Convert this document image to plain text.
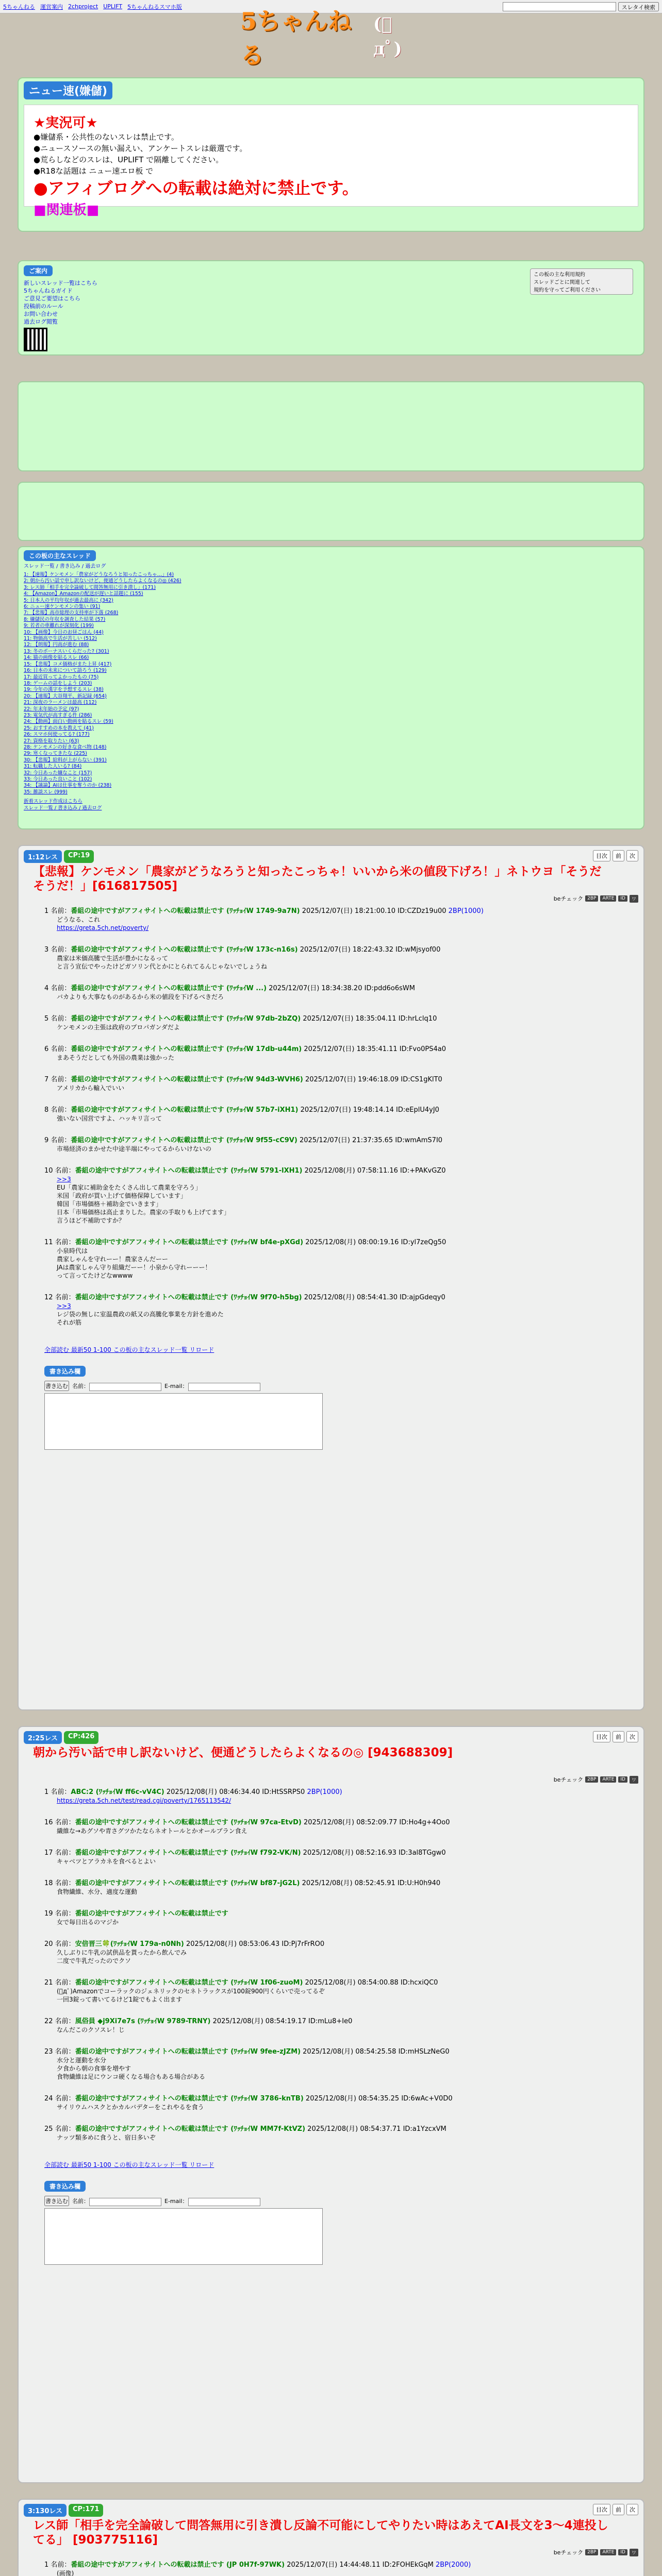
5ちゃんねる 運営案内 2chproject UPLIFT 5ちゃんねるスマホ版	スレタイ検索
5ちゃんねる
(ﾟдﾟ)
ニュー速(嫌儲)
★実況可★
●嫌儲系・公共性のないスレは禁止です。
●ニュースソースの無い漏えい、アンケートスレは厳選です。
●荒らしなどのスレは、UPLIFT で隔離してください。
●R18な話題は ニュー速エロ板 で
●アフィブログへの転載は絶対に禁止です。
■関連板■
ご案内
新しいスレッド一覧はこちら
5ちゃんねるガイド
ご意見ご要望はこちら
投稿前のルール
お問い合わせ
過去ログ閲覧
この板の主な利用規約
スレッドごとに関連して
規約を守ってご利用ください
この板の主なスレッド
スレッド一覧 / 書き込み / 過去ログ
1: 【速報】ケンモメン「農家がどうなろうと知ったこっちゃ…」(4)
2: 朝から汚い話で申し訳ないけど、便通どうしたらよくなるの◎ (426)
3: レス師「相手を完全論破して間答無用に引き潰し」(171)
4: 【Amazon】Amazonの配送が遅いと話題に (155)
5: 日本人の平均年収が過去最高に (342)
6: ニュー速ケンモメンの集い (91)
7: 【悲報】高市総理の支持率が下落 (268)
8: 嫌儲民の年収を調査した結果 (57)
9: 若者の車離れが深刻化 (199)
10: 【画像】今日のお昼ごはん (44)
11: 物価高で生活が苦しい (512)
12: 【朗報】円高が進む (88)
13: 冬のボーナスいくらだった? (301)
14: 猫の画像を貼るスレ (66)
15: 【悲報】コメ価格がまた上昇 (417)
16: 日本の未来について語ろう (129)
17: 最近買ってよかったもの (75)
18: ゲームの話をしよう (203)
19: 今年の漢字を予想するスレ (38)
20: 【速報】大谷翔平、新記録 (654)
21: 深夜のラーメンは最高 (112)
22: 年末年始の予定 (97)
23: 電気代が高すぎる件 (286)
24: 【動画】面白い動画を貼るスレ (59)
25: おすすめの本を教えて (41)
26: スマホ何使ってる? (177)
27: 資格を取りたい (63)
28: ケンモメンの好きな食べ物 (148)
29: 寒くなってきたな (225)
30: 【悲報】給料が上がらない (391)
31: 転職した人いる? (84)
32: 今日あった嫌なこと (157)
33: 今日あった良いこと (102)
34: 【議論】AIは仕事を奪うのか (238)
35: 雑談スレ (999)
新着スレッド作成はこちら
スレッド一覧 / 書き込み / 過去ログ
1:12レス	CP:19	目次	前	次
【悲報】ケンモメン「農家がどうなろうと知ったこっちゃ！いいから米の値段下げろ！」ネトウヨ「そうだそうだ！」[616817505]
beチェック 2BP	ARTE	ID	ワ
1 名前：番組の途中ですがアフィサイトへの転載は禁止です (ﾜｯﾁｮｲW 1749-9a7N) 2025/12/07(日) 18:21:00.10 ID:CZDz19u00 2BP(1000)
どうなる、これ
https://greta.5ch.net/poverty/
3 名前：番組の途中ですがアフィサイトへの転載は禁止です (ﾜｯﾁｮｲW 173c-n16s) 2025/12/07(日) 18:22:43.32 ID:wMjsyof00
農家は米価高騰で生活が豊かになるって
と言う宣伝でやったけどガソリン代とかにとられてるんじゃないでしょうね
4 名前：番組の途中ですがアフィサイトへの転載は禁止です (ﾜｯﾁｮｲW ...) 2025/12/07(日) 18:34:38.20 ID:pdd6o6sWM
バカよりも大事なものがあるから米の値段を下げるべきだろ
5 名前：番組の途中ですがアフィサイトへの転載は禁止です (ﾜｯﾁｮｲW 97db-2bZQ) 2025/12/07(日) 18:35:04.11 ID:hrLclq10
ケンモメンの主張は政府のプロパガンダだよ
6 名前：番組の途中ですがアフィサイトへの転載は禁止です (ﾜｯﾁｮｲW 17db-u44m) 2025/12/07(日) 18:35:41.11 ID:Fvo0PS4a0
まあそうだとしても外国の農業は強かった
7 名前：番組の途中ですがアフィサイトへの転載は禁止です (ﾜｯﾁｮｲW 94d3-WVH6) 2025/12/07(日) 19:46:18.09 ID:CS1gKlT0
アメリカから輸入でいい
8 名前：番組の途中ですがアフィサイトへの転載は禁止です (ﾜｯﾁｮｲW 57b7-iXH1) 2025/12/07(日) 19:48:14.14 ID:eEplU4yJ0
強いない国営ですよ、ハッキリ言って
9 名前：番組の途中ですがアフィサイトへの転載は禁止です (ﾜｯﾁｮｲW 9f55-cC9V) 2025/12/07(日) 21:37:35.65 ID:wmAmS7I0
市場経済のまかせた中途半端にやってるからいけないの
10 名前：番組の途中ですがアフィサイトへの転載は禁止です (ﾜｯﾁｮｲW 5791-lXH1) 2025/12/08(月) 07:58:11.16 ID:+PAKvGZ0
>>3
EU「農家に補助金をたくさん出して農業を守ろう」
米国「政府が買い上げて価格保障しています」
韓国「市場価格＋補助金でいきます」
日本「市場価格は高止まりした。農家の手取りも上げてます」
言うほど不補助ですか？
11 名前：番組の途中ですがアフィサイトへの転載は禁止です (ﾜｯﾁｮｲW bf4e-pXGd) 2025/12/08(月) 08:00:19.16 ID:yl7zeQg50
小泉時代は
農家しゃんを守れーー！農家さんだーー
JAは農家しゃん守り組織だーー！小泉から守れーーー！
って言ってたけどなwwww
12 名前：番組の途中ですがアフィサイトへの転載は禁止です (ﾜｯﾁｮｲW 9f70-h5bg) 2025/12/08(月) 08:54:41.30 ID:ajpGdeqy0
>>3
レジ袋の無しに室温農政の紙又の高騰化事業を方針を進めた
それが筋
全部読む 最新50 1-100 この板の主なスレッド一覧 リロード
書き込み欄
書き込む 名前：	E-mail：
2:25レス	CP:426	目次	前	次
朝から汚い話で申し訳ないけど、便通どうしたらよくなるの◎ [943688309]
beチェック 2BP	ARTE	ID	ワ
1 名前：ABC:2 (ﾜｯﾁｮｲW ff6c-vV4C) 2025/12/08(月) 08:46:34.40 ID:HtSSRPS0 2BP(1000)
https://greta.5ch.net/test/read.cgi/poverty/1765113542/
16 名前：番組の途中ですがアフィサイトへの転載は禁止です (ﾜｯﾁｮｲW 97ca-EtvD) 2025/12/08(月) 08:52:09.77 ID:Ho4g+4Oo0
繊維な→あグソや青さグツかたならネオトールとかオールブラン食え
17 名前：番組の途中ですがアフィサイトへの転載は禁止です (ﾜｯﾁｮｲW f792-VK/N) 2025/12/08(月) 08:52:16.93 ID:3al8TGgw0
キャベツとアラカネを食べるとよい
18 名前：番組の途中ですがアフィサイトへの転載は禁止です (ﾜｯﾁｮｲW bf87-jG2L) 2025/12/08(月) 08:52:45.91 ID:U:H0h940
食物繊維、水分、適度な運動
19 名前：番組の途中ですがアフィサイトへの転載は禁止です
女で毎日出るのマジか
20 名前：安倍晋三🍀(ﾜｯﾁｮｲW 179a-n0Nh) 2025/12/08(月) 08:53:06.43 ID:Pj7rFrRO0
久しぶりに牛乳の試供品を貰ったから飲んでみ
二度で牛乳だったのでクソ
21 名前：番組の途中ですがアフィサイトへの転載は禁止です (ﾜｯﾁｮｲW 1f06-zuoM) 2025/12/08(月) 08:54:00.88 ID:hcxiQC0
(ﾟдﾟ)Amazonでコーラックのジェネリックのセネトラックスが100錠900円くらいで売ってるぞ
一回3錠って書いてるけど1錠でもよく出ます
22 名前：風俗員 ◆j9Xi7e7s (ﾜｯﾁｮｲW 9789-TRNY) 2025/12/08(月) 08:54:19.17 ID:mLu8+Ie0
なんだこのクソスレ！じ
23 名前：番組の途中ですがアフィサイトへの転載は禁止です (ﾜｯﾁｮｲW 9fee-zJZM) 2025/12/08(月) 08:54:25.58 ID:mHSLzNeG0
水分と運動を水分
夕食から朝の食事を増やす
食物繊維は足にウンコ硬くなる場合もある場合がある
24 名前：番組の途中ですがアフィサイトへの転載は禁止です (ﾜｯﾁｮｲW 3786-knTB) 2025/12/08(月) 08:54:35.25 ID:6wAc+V0D0
サイリウムハスクとかカルバデターをこれやるを食う
25 名前：番組の途中ですがアフィサイトへの転載は禁止です (ﾜｯﾁｮｲW MM7f-KtVZ) 2025/12/08(月) 08:54:37.71 ID:a1YzcxVM
ナッツ類多めに食うと、宿日多いぞ
全部読む 最新50 1-100 この板の主なスレッド一覧 リロード
書き込み欄
書き込む 名前：	E-mail：
3:130レス	CP:171	目次	前	次
レス師「相手を完全論破して問答無用に引き潰し反論不可能にしてやりたい時はあえてAI長文を3〜4連投してる」 [903775116]
beチェック 2BP	ARTE	ID	ワ
1 名前：番組の途中ですがアフィサイトへの転載は禁止です (JP 0H7f-97WK) 2025/12/07(日) 14:44:48.11 ID:2FOHEkGqM 2BP(2000)
(画像)
